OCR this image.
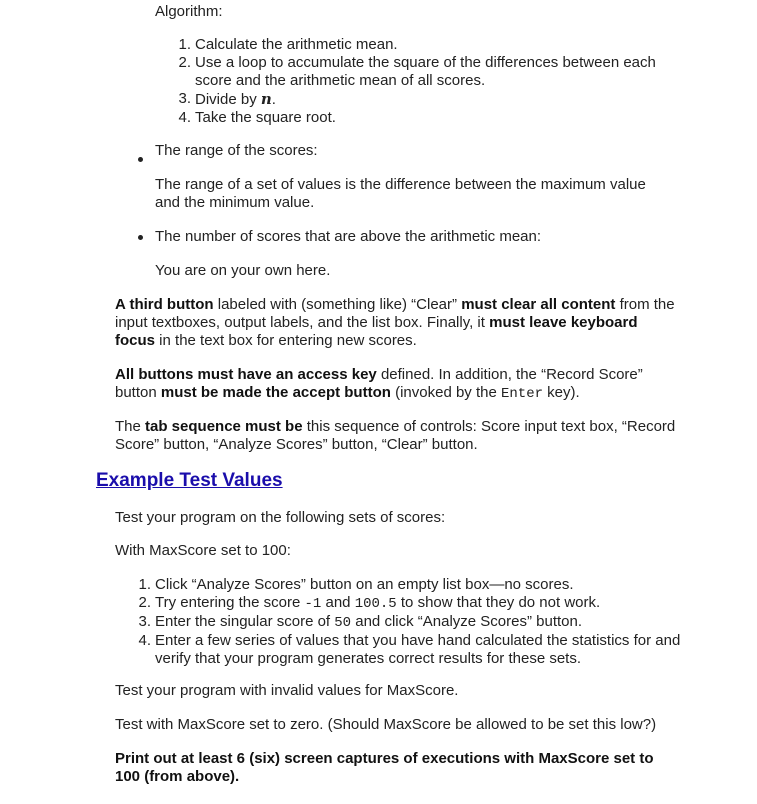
Algorithm:

1. Calculate the arithmetic mean.
2. Use a loop to accumulate the square of the differences between each
score and the arithmetic mean of all scores.
3. Divide by n.
4. Take the square root.

The range of the scores:

The range of a set of values is the difference between the maximum value
and the minimum value.

The number of scores that are above the arithmetic mean:

You are on your own here.

A third button labeled with (something like) “Clear” must clear all content from the
input textboxes, output labels, and the list box. Finally, it must leave keyboard
focus in the text box for entering new scores.

All buttons must have an access key defined. In addition, the “Record Score”
button must be made the accept button (invoked by the Enter key).

The tab sequence must be this sequence of controls: Score input text box, “Record
Score” button, “Analyze Scores” button, “Clear” button.

Example Test Values

Test your program on the following sets of scores:

With MaxScore set to 100:

1. Click “Analyze Scores” button on an empty list box—no scores.
2. Try entering the score -1 and 100.5 to show that they do not work.
3. Enter the singular score of 50 and click “Analyze Scores” button.
4. Enter a few series of values that you have hand calculated the statistics for and
verify that your program generates correct results for these sets.

Test your program with invalid values for MaxScore.

Test with MaxScore set to zero. (Should MaxScore be allowed to be set this low?)

Print out at least 6 (six) screen captures of executions with MaxScore set to
100 (from above).
